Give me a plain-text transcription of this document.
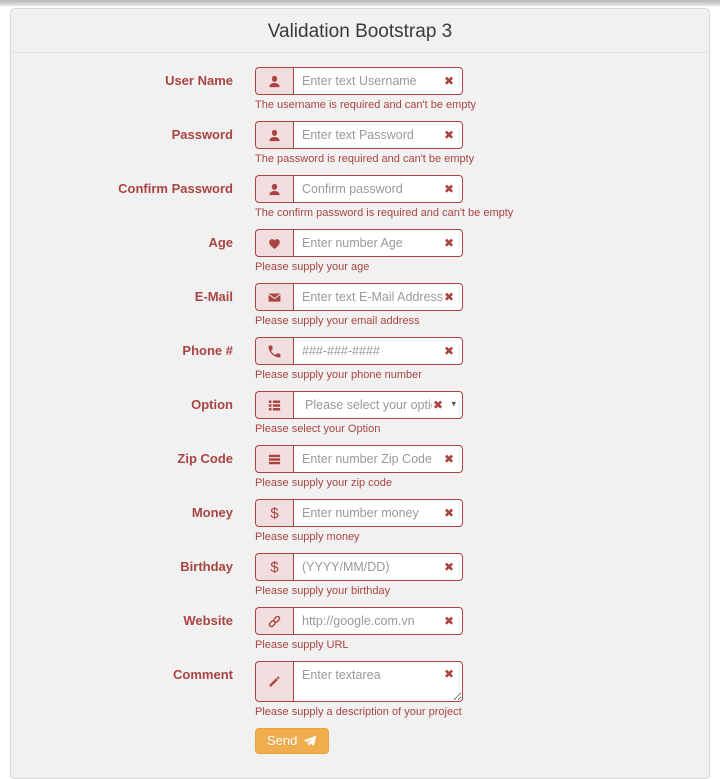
Validation Bootstrap 3
User Name
Enter text Username	✖
The username is required and can't be empty
Password
Enter text Password	✖
The password is required and can't be empty
Confirm Password
Confirm password	✖
The confirm password is required and can't be empty
Age
Enter number Age	✖
Please supply your age
E-Mail
Enter text E-Mail Address	✖
Please supply your email address
Phone #
###-###-####	✖
Please supply your phone number
Option
Please select your option	✖ ▾
Please select your Option
Zip Code
Enter number Zip Code	✖
Please supply your zip code
Money $
Enter number money	✖
Please supply money
Birthday $
(YYYY/MM/DD)	✖
Please supply your birthday
Website
http://google.com.vn	✖
Please supply URL
Comment
Enter textarea	✖
Please supply a description of your project
Send
